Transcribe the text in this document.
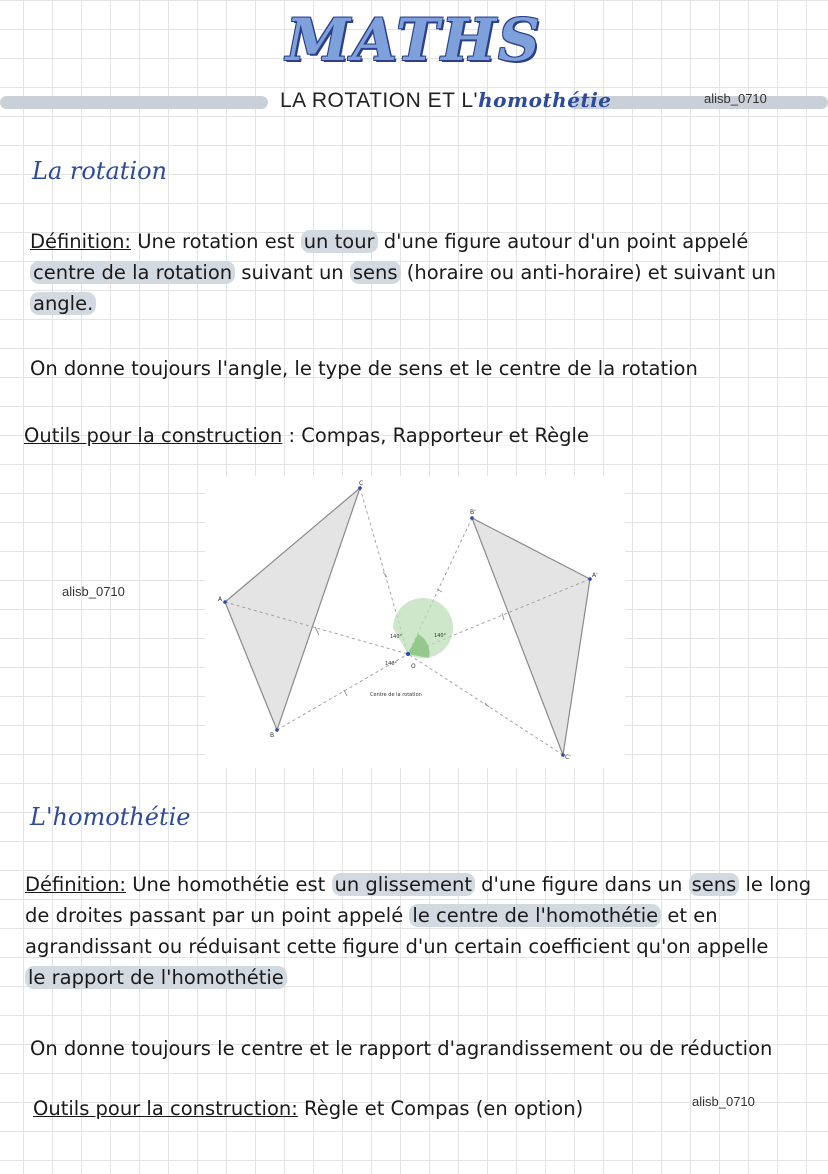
MATHS
LA ROTATION ET L'homothétie	alisb_0710
La rotation
Définition: Une rotation est un tour d'une figure autour d'un point appelé
centre de la rotation suivant un sens (horaire ou anti-horaire) et suivant un
angle.
On donne toujours l'angle, le type de sens et le centre de la rotation
Outils pour la construction : Compas, Rapporteur et Règle
alisb_0710
A
C
B
A'
B'
C'
O
140°	140°
140°
Centre de la rotation
L'homothétie
Définition: Une homothétie est un glissement d'une figure dans un sens le long
de droites passant par un point appelé le centre de l'homothétie et en
agrandissant ou réduisant cette figure d'un certain coefficient qu'on appelle
le rapport de l'homothétie
On donne toujours le centre et le rapport d'agrandissement ou de réduction
Outils pour la construction: Règle et Compas (en option)	alisb_0710
